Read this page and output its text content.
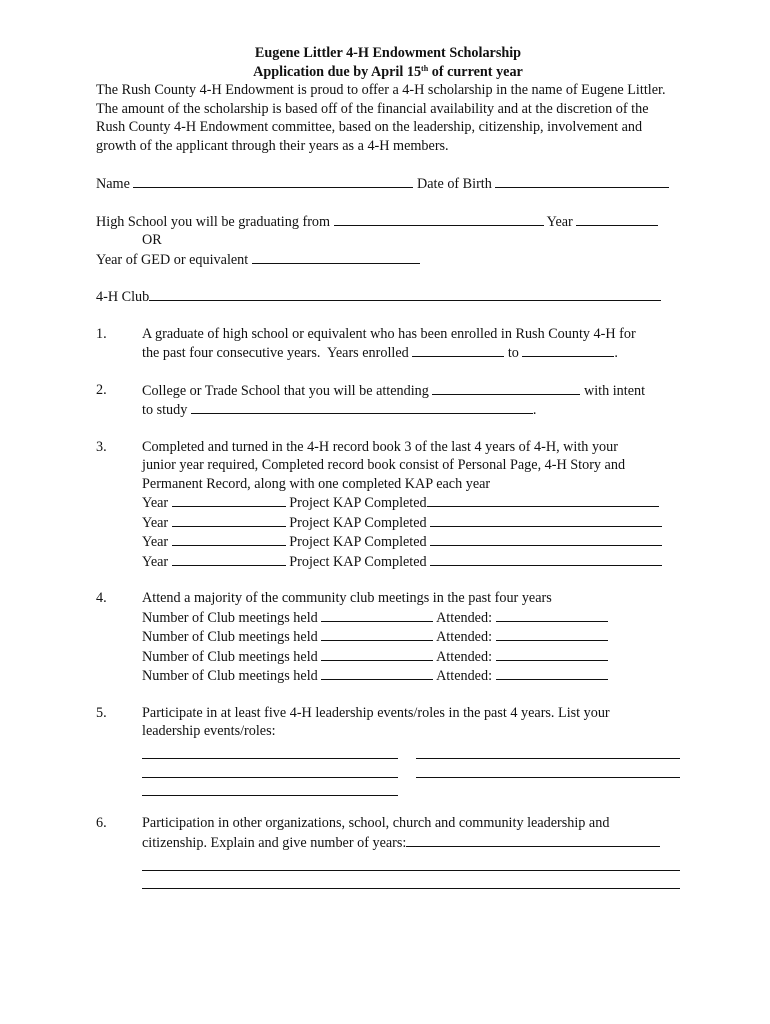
Eugene Littler 4-H Endowment Scholarship
Application due by April 15th of current year
The Rush County 4-H Endowment is proud to offer a 4-H scholarship in the name of Eugene Littler. The amount of the scholarship is based off of the financial availability and at the discretion of the Rush County 4-H Endowment committee, based on the leadership, citizenship, involvement and growth of the applicant through their years as a 4-H members.
Name	Date of Birth
High School you will be graduating from	Year
OR
Year of GED or equivalent
4-H Club
1. A graduate of high school or equivalent who has been enrolled in Rush County 4-H for
the past four consecutive years.  Years enrolled	to	.
2. College or Trade School that you will be attending	with intent
to study	.
3. Completed and turned in the 4-H record book 3 of the last 4 years of 4-H, with your
junior year required, Completed record book consist of Personal Page, 4-H Story and
Permanent Record, along with one completed KAP each year
Year	Project KAP Completed
Year	Project KAP Completed
Year	Project KAP Completed
Year	Project KAP Completed
4. Attend a majority of the community club meetings in the past four years
Number of Club meetings held	Attended:
Number of Club meetings held	Attended:
Number of Club meetings held	Attended:
Number of Club meetings held	Attended:
5. Participate in at least five 4-H leadership events/roles in the past 4 years. List your
leadership events/roles:
6. Participation in other organizations, school, church and community leadership and
citizenship. Explain and give number of years:
